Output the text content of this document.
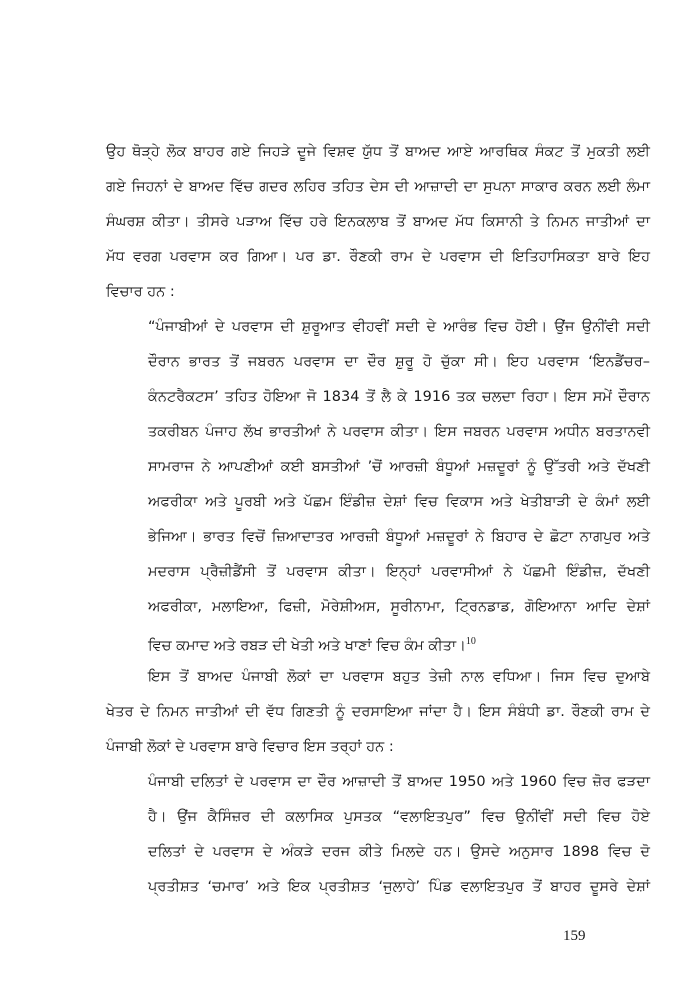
ਉਹ ਥੋੜ੍ਹੇ ਲੋਕ ਬਾਹਰ ਗਏ ਜਿਹੜੇ ਦੂਜੇ ਵਿਸ਼ਵ ਯੁੱਧ ਤੋਂ ਬਾਅਦ ਆਏ ਆਰਥਿਕ ਸੰਕਟ ਤੋਂ ਮੁਕਤੀ ਲਈ
ਗਏ ਜਿਹਨਾਂ ਦੇ ਬਾਅਦ ਵਿੱਚ ਗਦਰ ਲਹਿਰ ਤਹਿਤ ਦੇਸ ਦੀ ਆਜ਼ਾਦੀ ਦਾ ਸੁਪਨਾ ਸਾਕਾਰ ਕਰਨ ਲਈ ਲੰਮਾ
ਸੰਘਰਸ਼ ਕੀਤਾ। ਤੀਸਰੇ ਪੜਾਅ ਵਿੱਚ ਹਰੇ ਇਨਕਲਾਬ ਤੋਂ ਬਾਅਦ ਮੱਧ ਕਿਸਾਨੀ ਤੇ ਨਿਮਨ ਜਾਤੀਆਂ ਦਾ
ਮੱਧ ਵਰਗ ਪਰਵਾਸ ਕਰ ਗਿਆ। ਪਰ ਡਾ. ਰੌਣਕੀ ਰਾਮ ਦੇ ਪਰਵਾਸ ਦੀ ਇਤਿਹਾਸਿਕਤਾ ਬਾਰੇ ਇਹ
ਵਿਚਾਰ ਹਨ :
“ਪੰਜਾਬੀਆਂ ਦੇ ਪਰਵਾਸ ਦੀ ਸ਼ੁਰੂਆਤ ਵੀਹਵੀਂ ਸਦੀ ਦੇ ਆਰੰਭ ਵਿਚ ਹੋਈ। ਉਂਜ ਉਨੀਂਵੀ ਸਦੀ
ਦੌਰਾਨ ਭਾਰਤ ਤੋਂ ਜਬਰਨ ਪਰਵਾਸ ਦਾ ਦੌਰ ਸ਼ੁਰੂ ਹੋ ਚੁੱਕਾ ਸੀ। ਇਹ ਪਰਵਾਸ ‘ਇਨਡੈਂਚਰ–
ਕੰਨਟਰੈਕਟਸ’ ਤਹਿਤ ਹੋਇਆ ਜੋ 1834 ਤੋਂ ਲੈ ਕੇ 1916 ਤਕ ਚਲਦਾ ਰਿਹਾ। ਇਸ ਸਮੇਂ ਦੌਰਾਨ
ਤਕਰੀਬਨ ਪੰਜਾਹ ਲੱਖ ਭਾਰਤੀਆਂ ਨੇ ਪਰਵਾਸ ਕੀਤਾ। ਇਸ ਜਬਰਨ ਪਰਵਾਸ ਅਧੀਨ ਬਰਤਾਨਵੀ
ਸਾਮਰਾਜ ਨੇ ਆਪਣੀਆਂ ਕਈ ਬਸਤੀਆਂ ’ਚੋਂ ਆਰਜ਼ੀ ਬੰਧੂਆਂ ਮਜ਼ਦੂਰਾਂ ਨੂੰ ਉੱਤਰੀ ਅਤੇ ਦੱਖਣੀ
ਅਫਰੀਕਾ ਅਤੇ ਪੂਰਬੀ ਅਤੇ ਪੱਛਮ ਇੰਡੀਜ਼ ਦੇਸ਼ਾਂ ਵਿਚ ਵਿਕਾਸ ਅਤੇ ਖੇਤੀਬਾੜੀ ਦੇ ਕੰਮਾਂ ਲਈ
ਭੇਜਿਆ। ਭਾਰਤ ਵਿਚੋਂ ਜ਼ਿਆਦਾਤਰ ਆਰਜ਼ੀ ਬੰਧੂਆਂ ਮਜ਼ਦੂਰਾਂ ਨੇ ਬਿਹਾਰ ਦੇ ਛੋਟਾ ਨਾਗਪੁਰ ਅਤੇ
ਮਦਰਾਸ ਪ੍ਰੈਜ਼ੀਡੈਂਸੀ ਤੋਂ ਪਰਵਾਸ ਕੀਤਾ। ਇਨ੍ਹਾਂ ਪਰਵਾਸੀਆਂ ਨੇ ਪੱਛਮੀ ਇੰਡੀਜ਼, ਦੱਖਣੀ
ਅਫਰੀਕਾ, ਮਲਾਇਆ, ਫਿਜ਼ੀ, ਮੋਰੇਸ਼ੀਅਸ, ਸੂਰੀਨਾਮਾ, ਟ੍ਰਿਨਡਾਡ, ਗੋਇਆਨਾ ਆਦਿ ਦੇਸ਼ਾਂ
ਵਿਚ ਕਮਾਦ ਅਤੇ ਰਬੜ ਦੀ ਖੇਤੀ ਅਤੇ ਖਾਣਾਂ ਵਿਚ ਕੰਮ ਕੀਤਾ।$^{10}$
ਇਸ ਤੋਂ ਬਾਅਦ ਪੰਜਾਬੀ ਲੋਕਾਂ ਦਾ ਪਰਵਾਸ ਬਹੁਤ ਤੇਜ਼ੀ ਨਾਲ ਵਧਿਆ। ਜਿਸ ਵਿਚ ਦੁਆਬੇ
ਖੇਤਰ ਦੇ ਨਿਮਨ ਜਾਤੀਆਂ ਦੀ ਵੱਧ ਗਿਣਤੀ ਨੂੰ ਦਰਸਾਇਆ ਜਾਂਦਾ ਹੈ। ਇਸ ਸੰਬੰਧੀ ਡਾ. ਰੌਣਕੀ ਰਾਮ ਦੇ
ਪੰਜਾਬੀ ਲੋਕਾਂ ਦੇ ਪਰਵਾਸ ਬਾਰੇ ਵਿਚਾਰ ਇਸ ਤਰ੍ਹਾਂ ਹਨ :
ਪੰਜਾਬੀ ਦਲਿਤਾਂ ਦੇ ਪਰਵਾਸ ਦਾ ਦੌਰ ਆਜ਼ਾਦੀ ਤੋਂ ਬਾਅਦ 1950 ਅਤੇ 1960 ਵਿਚ ਜ਼ੋਰ ਫੜਦਾ
ਹੈ। ਉਂਜ ਕੈਸਿੰਜ਼ਰ ਦੀ ਕਲਾਸਿਕ ਪੁਸਤਕ “ਵਲਾਇਤਪੁਰ” ਵਿਚ ਉਨੀਂਵੀਂ ਸਦੀ ਵਿਚ ਹੋਏ
ਦਲਿਤਾਂ ਦੇ ਪਰਵਾਸ ਦੇ ਅੰਕੜੇ ਦਰਜ ਕੀਤੇ ਮਿਲਦੇ ਹਨ। ਉਸਦੇ ਅਨੁਸਾਰ 1898 ਵਿਚ ਦੋ
ਪ੍ਰਤੀਸ਼ਤ ‘ਚਮਾਰ’ ਅਤੇ ਇਕ ਪ੍ਰਤੀਸ਼ਤ ‘ਜੁਲਾਹੇ’ ਪਿੰਡ ਵਲਾਇਤਪੁਰ ਤੋਂ ਬਾਹਰ ਦੂਸਰੇ ਦੇਸ਼ਾਂ
159
